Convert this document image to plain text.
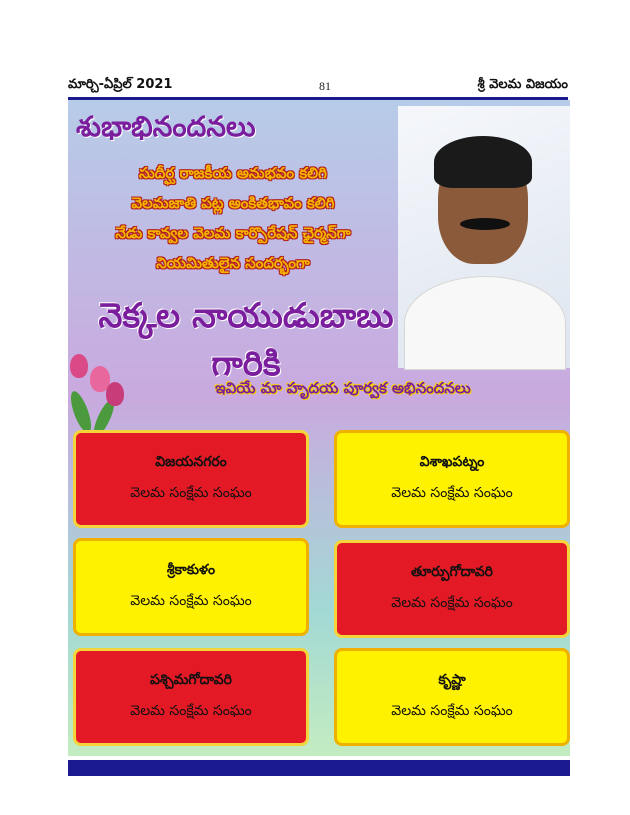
మార్చి-ఏప్రిల్ 2021	81	శ్రీ వెలమ విజయం
శుభాభినందనలు
సుదీర్ఘ రాజకీయ అనుభవం కలిగి
వెలమజాతి పట్ల అంకితభావం కలిగి
నేడు కావ్వల వెలమ కార్పొరేషన్ ఛైర్మన్‌గా
నియమితులైన సందర్భంగా
నెక్కల నాయుడుబాబు గారికి
ఇవియే మా హృదయ పూర్వక అభినందనలు
విజయనగరం
వెలమ సంక్షేమ సంఘం
విశాఖపట్నం
వెలమ సంక్షేమ సంఘం
శ్రీకాకుళం
వెలమ సంక్షేమ సంఘం
తూర్పుగోదావరి
వెలమ సంక్షేమ సంఘం
పశ్చిమగోదావరి
వెలమ సంక్షేమ సంఘం
కృష్ణా
వెలమ సంక్షేమ సంఘం
